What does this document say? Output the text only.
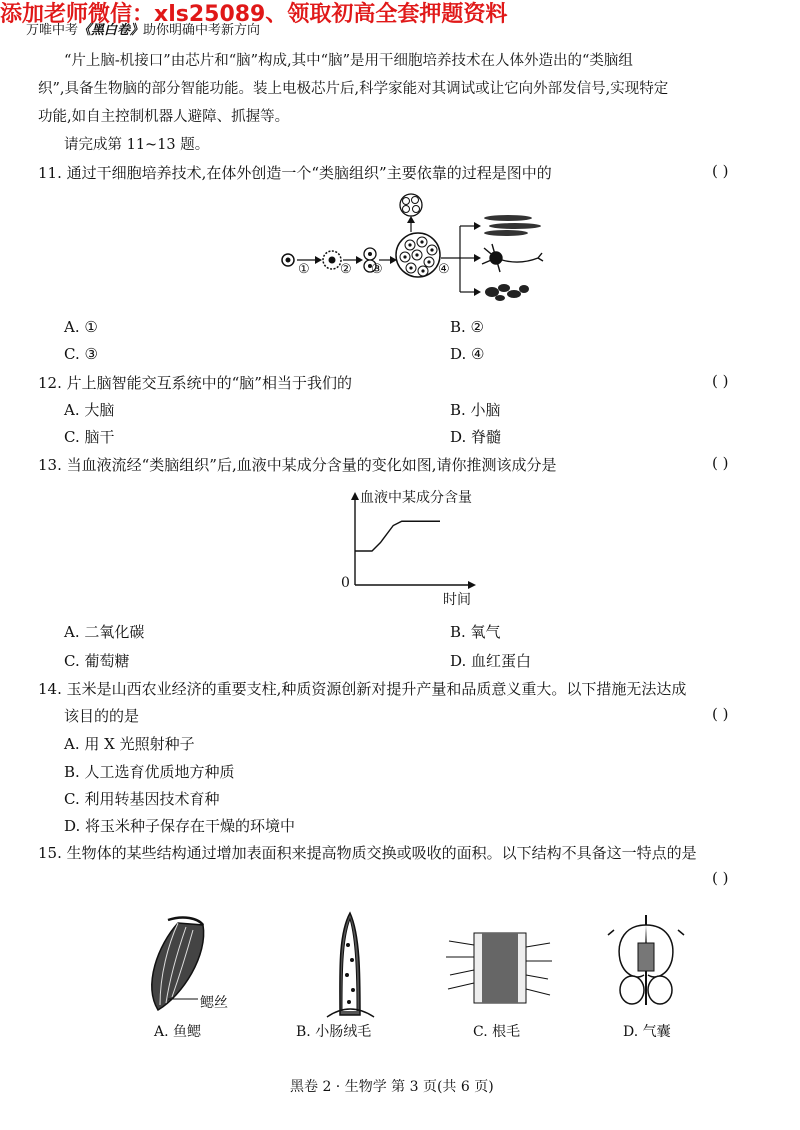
添加老师微信：xls25089、领取初高全套押题资料
万唯中考《黑白卷》助你明确中考新方向
“片上脑-机接口”由芯片和“脑”构成,其中“脑”是用干细胞培养技术在人体外造出的“类脑组
织”,具备生物脑的部分智能功能。装上电极芯片后,科学家能对其调试或让它向外部发信号,实现特定
功能,如自主控制机器人避障、抓握等。
请完成第 11~13 题。
11. 通过干细胞培养技术,在体外创造一个“类脑组织”主要依靠的过程是图中的	( )
① ② ③	④
A. ①	B. ②
C. ③	D. ④
12. 片上脑智能交互系统中的“脑”相当于我们的	( )
A. 大脑	B. 小脑
C. 脑干	D. 脊髓
13. 当血液流经“类脑组织”后,血液中某成分含量的变化如图,请你推测该成分是	( )
血液中某成分含量
0
时间
A. 二氧化碳	B. 氧气
C. 葡萄糖	D. 血红蛋白
14. 玉米是山西农业经济的重要支柱,种质资源创新对提升产量和品质意义重大。以下措施无法达成
该目的的是	( )
A. 用 X 光照射种子
B. 人工选育优质地方种质
C. 利用转基因技术育种
D. 将玉米种子保存在干燥的环境中
15. 生物体的某些结构通过增加表面积来提高物质交换或吸收的面积。以下结构不具备这一特点的是
( )
鳃丝
A. 鱼鳃	B. 小肠绒毛	C. 根毛	D. 气囊
黑卷 2 · 生物学 第 3 页(共 6 页)
